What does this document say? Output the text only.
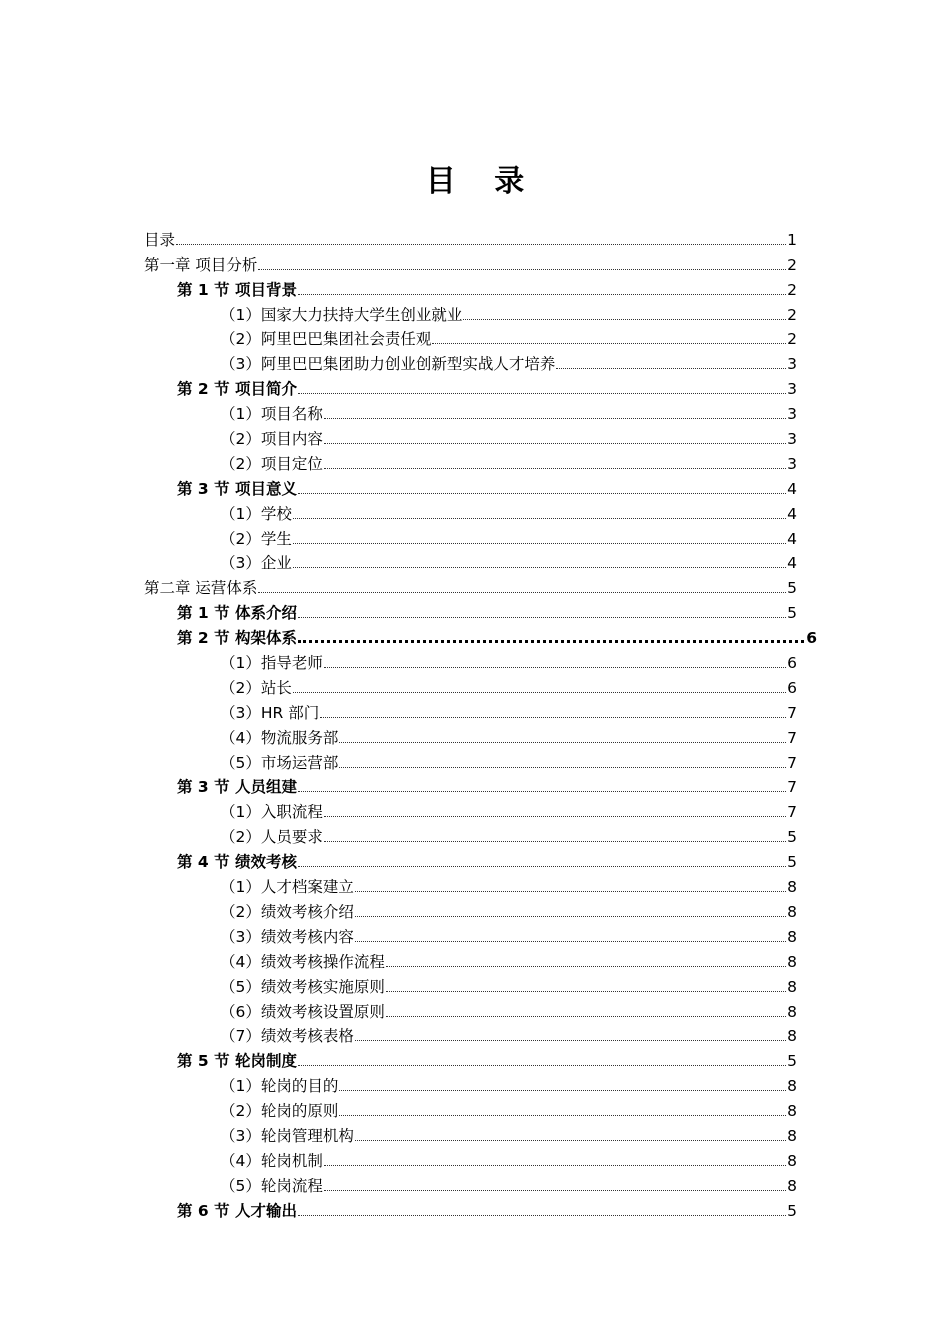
目 录
目录	1
第一章 项目分析	2
第 1 节 项目背景	2
（1）国家大力扶持大学生创业就业	2
（2）阿里巴巴集团社会责任观	2
（3）阿里巴巴集团助力创业创新型实战人才培养	3
第 2 节 项目简介	3
（1）项目名称	3
（2）项目内容	3
（2）项目定位	3
第 3 节 项目意义	4
（1）学校	4
（2）学生	4
（3）企业	4
第二章 运营体系	5
第 1 节 体系介绍	5
第 2 节 构架体系	6
（1）指导老师	6
（2）站长	6
（3）HR 部门	7
（4）物流服务部	7
（5）市场运营部	7
第 3 节 人员组建	7
（1）入职流程	7
（2）人员要求	5
第 4 节 绩效考核	5
（1）人才档案建立	8
（2）绩效考核介绍	8
（3）绩效考核内容	8
（4）绩效考核操作流程	8
（5）绩效考核实施原则	8
（6）绩效考核设置原则	8
（7）绩效考核表格	8
第 5 节 轮岗制度	5
（1）轮岗的目的	8
（2）轮岗的原则	8
（3）轮岗管理机构	8
（4）轮岗机制	8
（5）轮岗流程	8
第 6 节 人才输出	5
